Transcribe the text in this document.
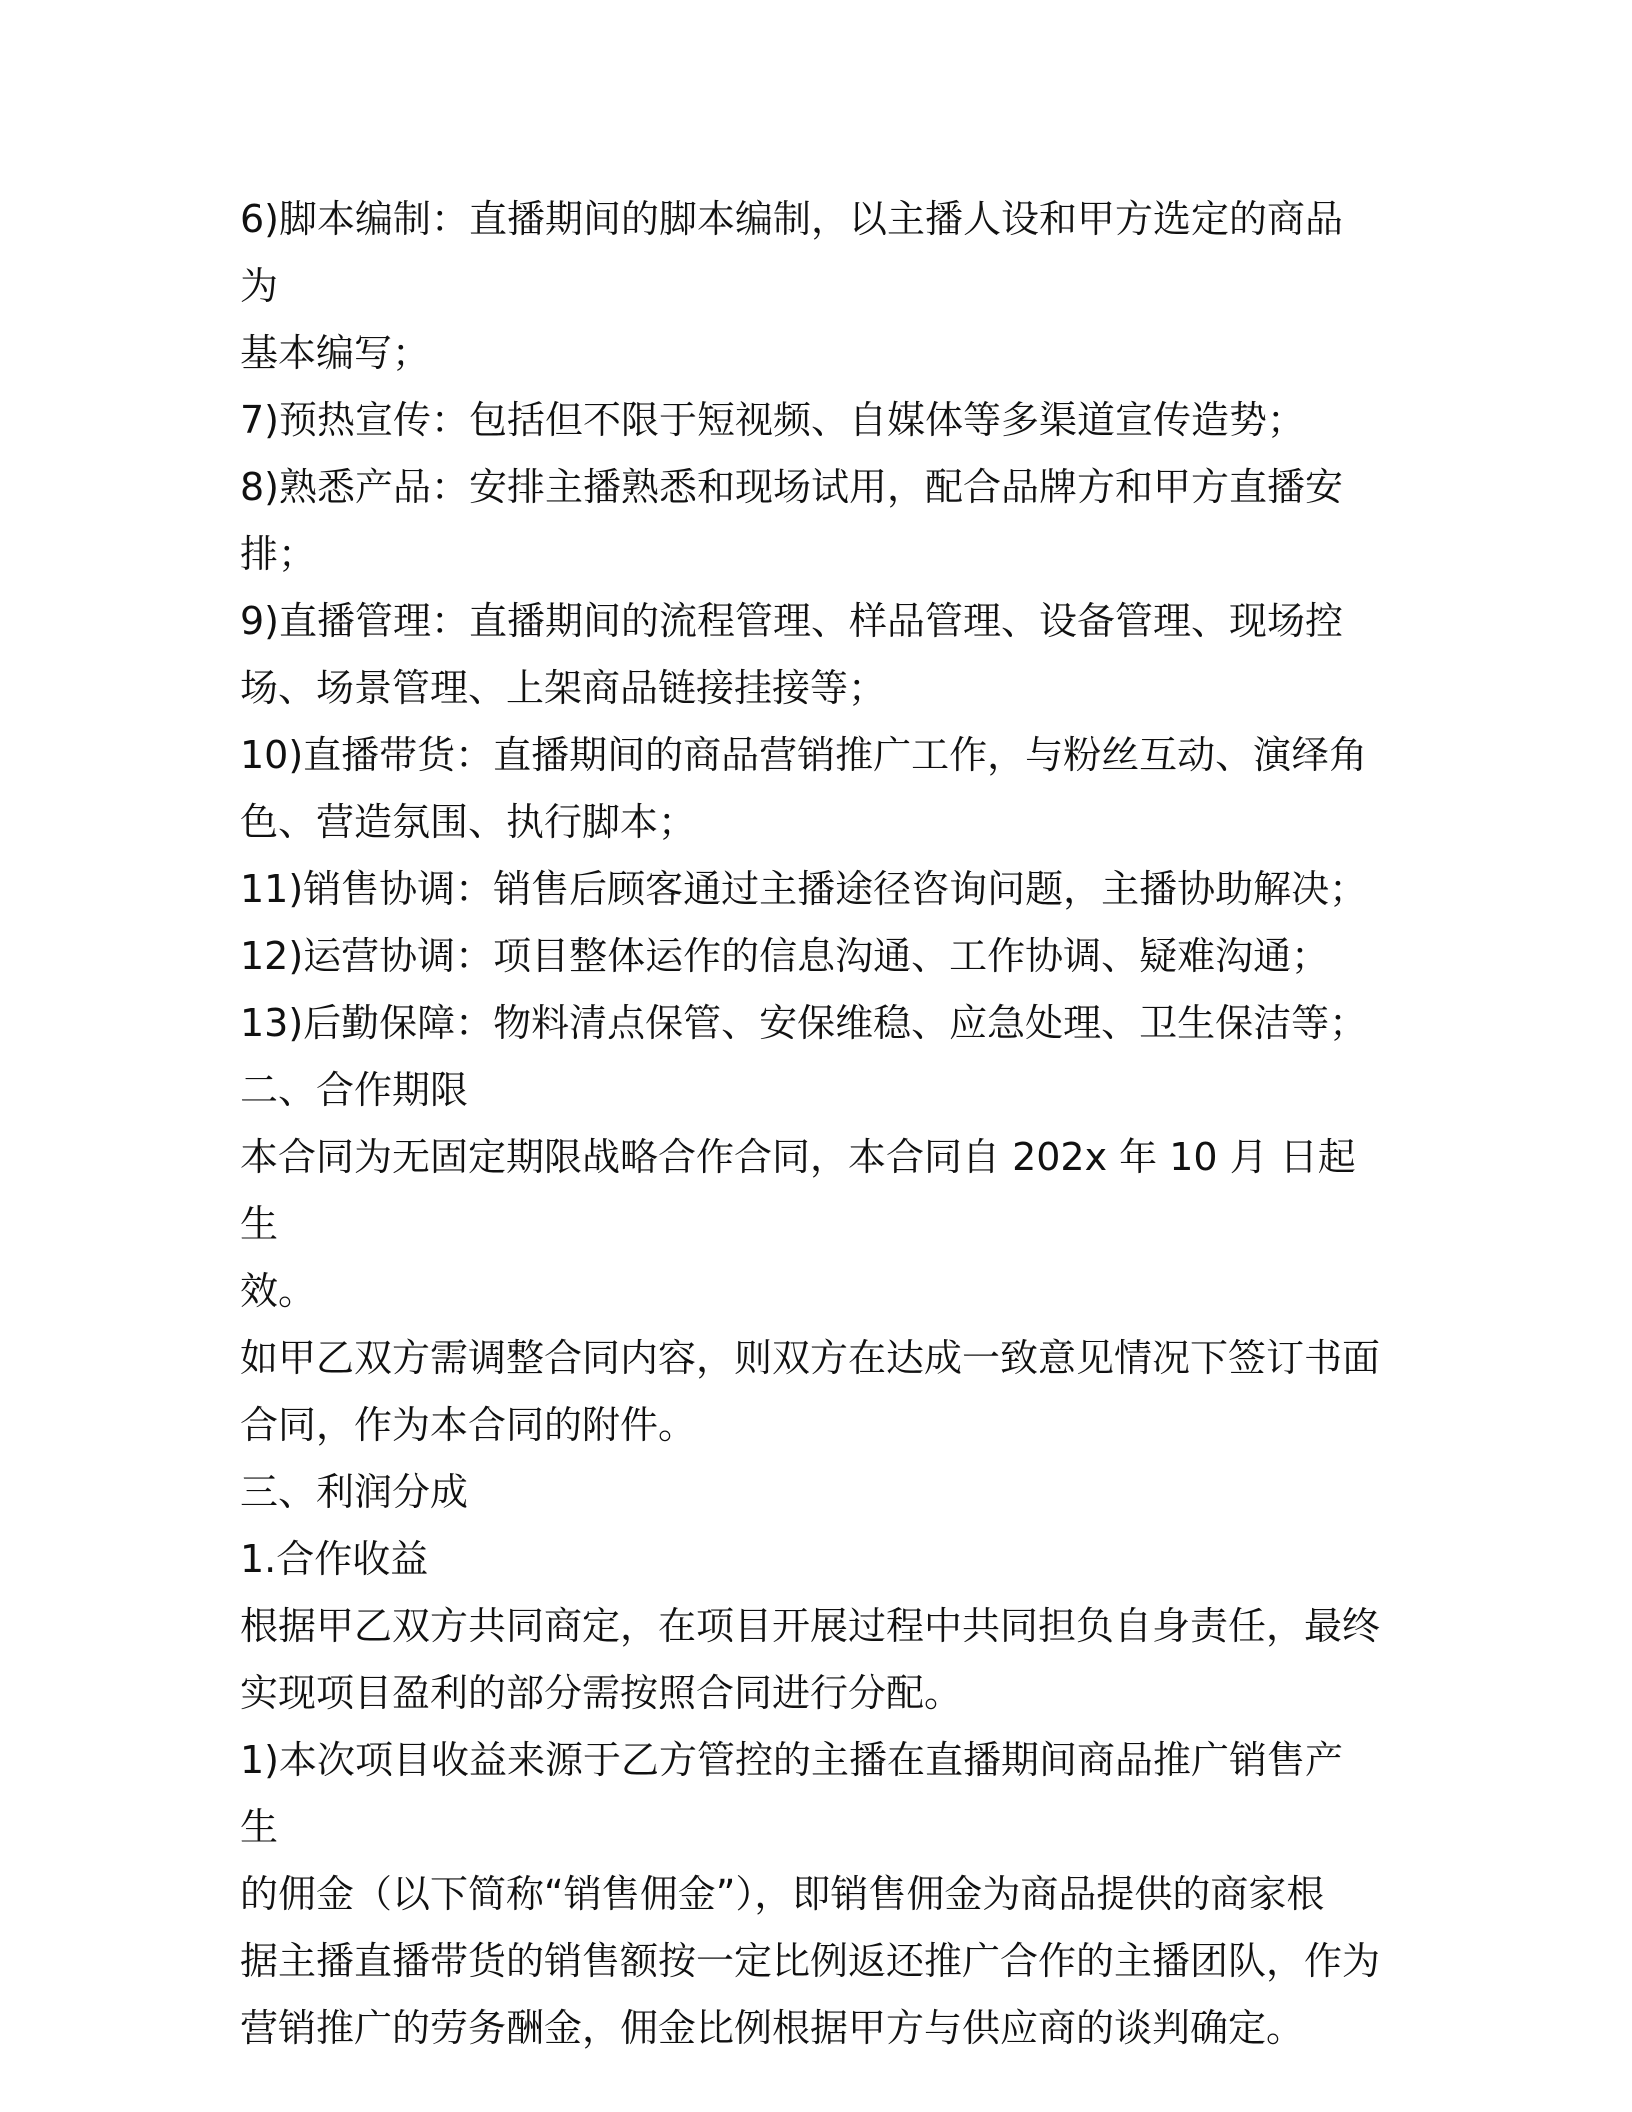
6)脚本编制：直播期间的脚本编制，以主播人设和甲方选定的商品为

基本编写；

7)预热宣传：包括但不限于短视频、自媒体等多渠道宣传造势；

8)熟悉产品：安排主播熟悉和现场试用，配合品牌方和甲方直播安

排；

9)直播管理：直播期间的流程管理、样品管理、设备管理、现场控

场、场景管理、上架商品链接挂接等；

10)直播带货：直播期间的商品营销推广工作，与粉丝互动、演绎角

色、营造氛围、执行脚本；

11)销售协调：销售后顾客通过主播途径咨询问题，主播协助解决；

12)运营协调：项目整体运作的信息沟通、工作协调、疑难沟通；

13)后勤保障：物料清点保管、安保维稳、应急处理、卫生保洁等；

二、合作期限

本合同为无固定期限战略合作合同，本合同自 202x 年 10 月 日起生

效。

如甲乙双方需调整合同内容，则双方在达成一致意见情况下签订书面

合同，作为本合同的附件。

三、利润分成

1.合作收益

根据甲乙双方共同商定，在项目开展过程中共同担负自身责任，最终

实现项目盈利的部分需按照合同进行分配。

1)本次项目收益来源于乙方管控的主播在直播期间商品推广销售产生

的佣金（以下简称“销售佣金”），即销售佣金为商品提供的商家根

据主播直播带货的销售额按一定比例返还推广合作的主播团队，作为

营销推广的劳务酬金，佣金比例根据甲方与供应商的谈判确定。
